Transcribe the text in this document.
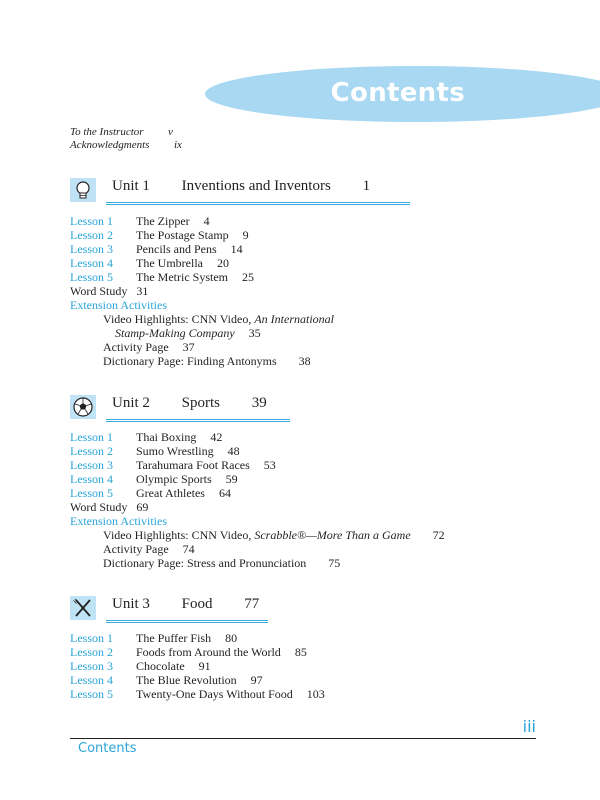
Contents
To the Instructor v
Acknowledgments ix
Unit 1 Inventions and Inventors 1
Lesson 1 The Zipper 4
Lesson 2 The Postage Stamp 9
Lesson 3 Pencils and Pens 14
Lesson 4 The Umbrella 20
Lesson 5 The Metric System 25
Word Study 31
Extension Activities
Video Highlights: CNN Video, An International
Stamp-Making Company 35
Activity Page 37
Dictionary Page: Finding Antonyms 38
Unit 2 Sports 39
Lesson 1 Thai Boxing 42
Lesson 2 Sumo Wrestling 48
Lesson 3 Tarahumara Foot Races 53
Lesson 4 Olympic Sports 59
Lesson 5 Great Athletes 64
Word Study 69
Extension Activities
Video Highlights: CNN Video, Scrabble®—More Than a Game 72
Activity Page 74
Dictionary Page: Stress and Pronunciation 75
Unit 3 Food 77
Lesson 1 The Puffer Fish 80
Lesson 2 Foods from Around the World 85
Lesson 3 Chocolate 91
Lesson 4 The Blue Revolution 97
Lesson 5 Twenty-One Days Without Food 103
iii
Contents
